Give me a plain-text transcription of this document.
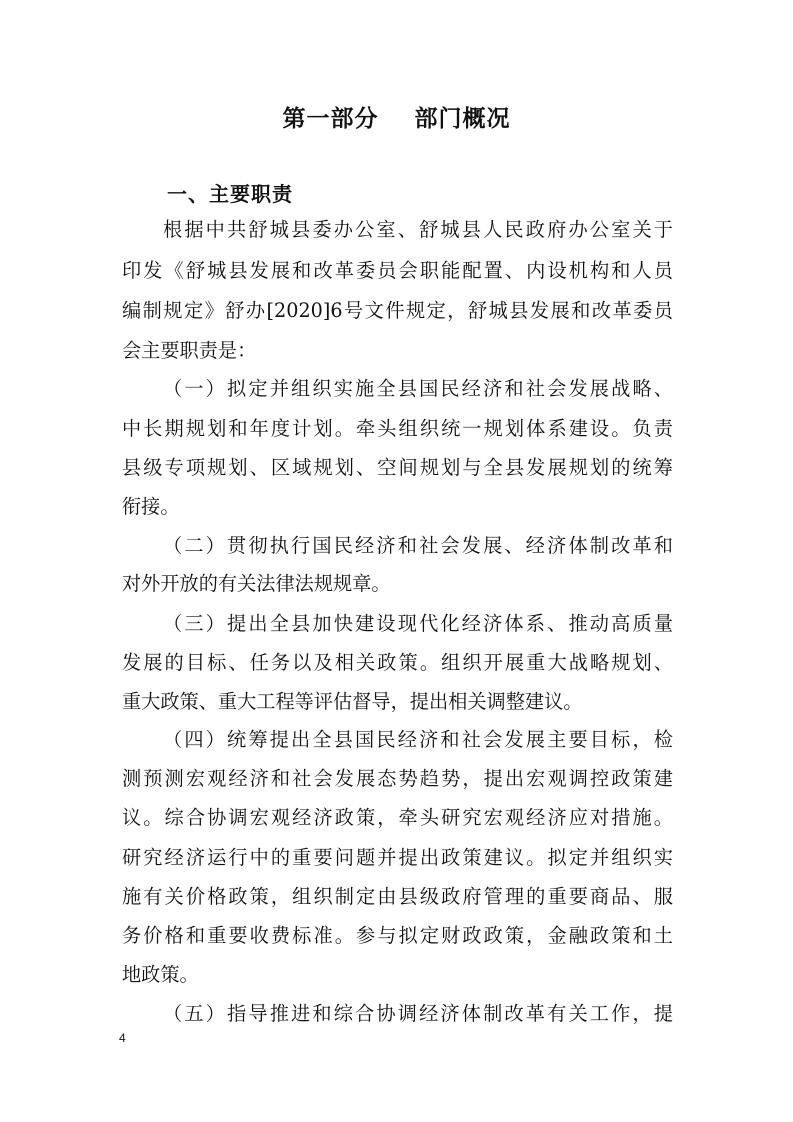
第一部分    部门概况
一、主要职责
根据中共舒城县委办公室、舒城县人民政府办公室关于
印发《舒城县发展和改革委员会职能配置、内设机构和人员
编制规定》舒办[2020]6号文件规定，舒城县发展和改革委员
会主要职责是：
（一）拟定并组织实施全县国民经济和社会发展战略、
中长期规划和年度计划。牵头组织统一规划体系建设。负责
县级专项规划、区域规划、空间规划与全县发展规划的统筹
衔接。
（二）贯彻执行国民经济和社会发展、经济体制改革和
对外开放的有关法律法规规章。
（三）提出全县加快建设现代化经济体系、推动高质量
发展的目标、任务以及相关政策。组织开展重大战略规划、
重大政策、重大工程等评估督导，提出相关调整建议。
（四）统筹提出全县国民经济和社会发展主要目标，检
测预测宏观经济和社会发展态势趋势，提出宏观调控政策建
议。综合协调宏观经济政策，牵头研究宏观经济应对措施。
研究经济运行中的重要问题并提出政策建议。拟定并组织实
施有关价格政策，组织制定由县级政府管理的重要商品、服
务价格和重要收费标准。参与拟定财政政策，金融政策和土
地政策。
（五）指导推进和综合协调经济体制改革有关工作，提
4
